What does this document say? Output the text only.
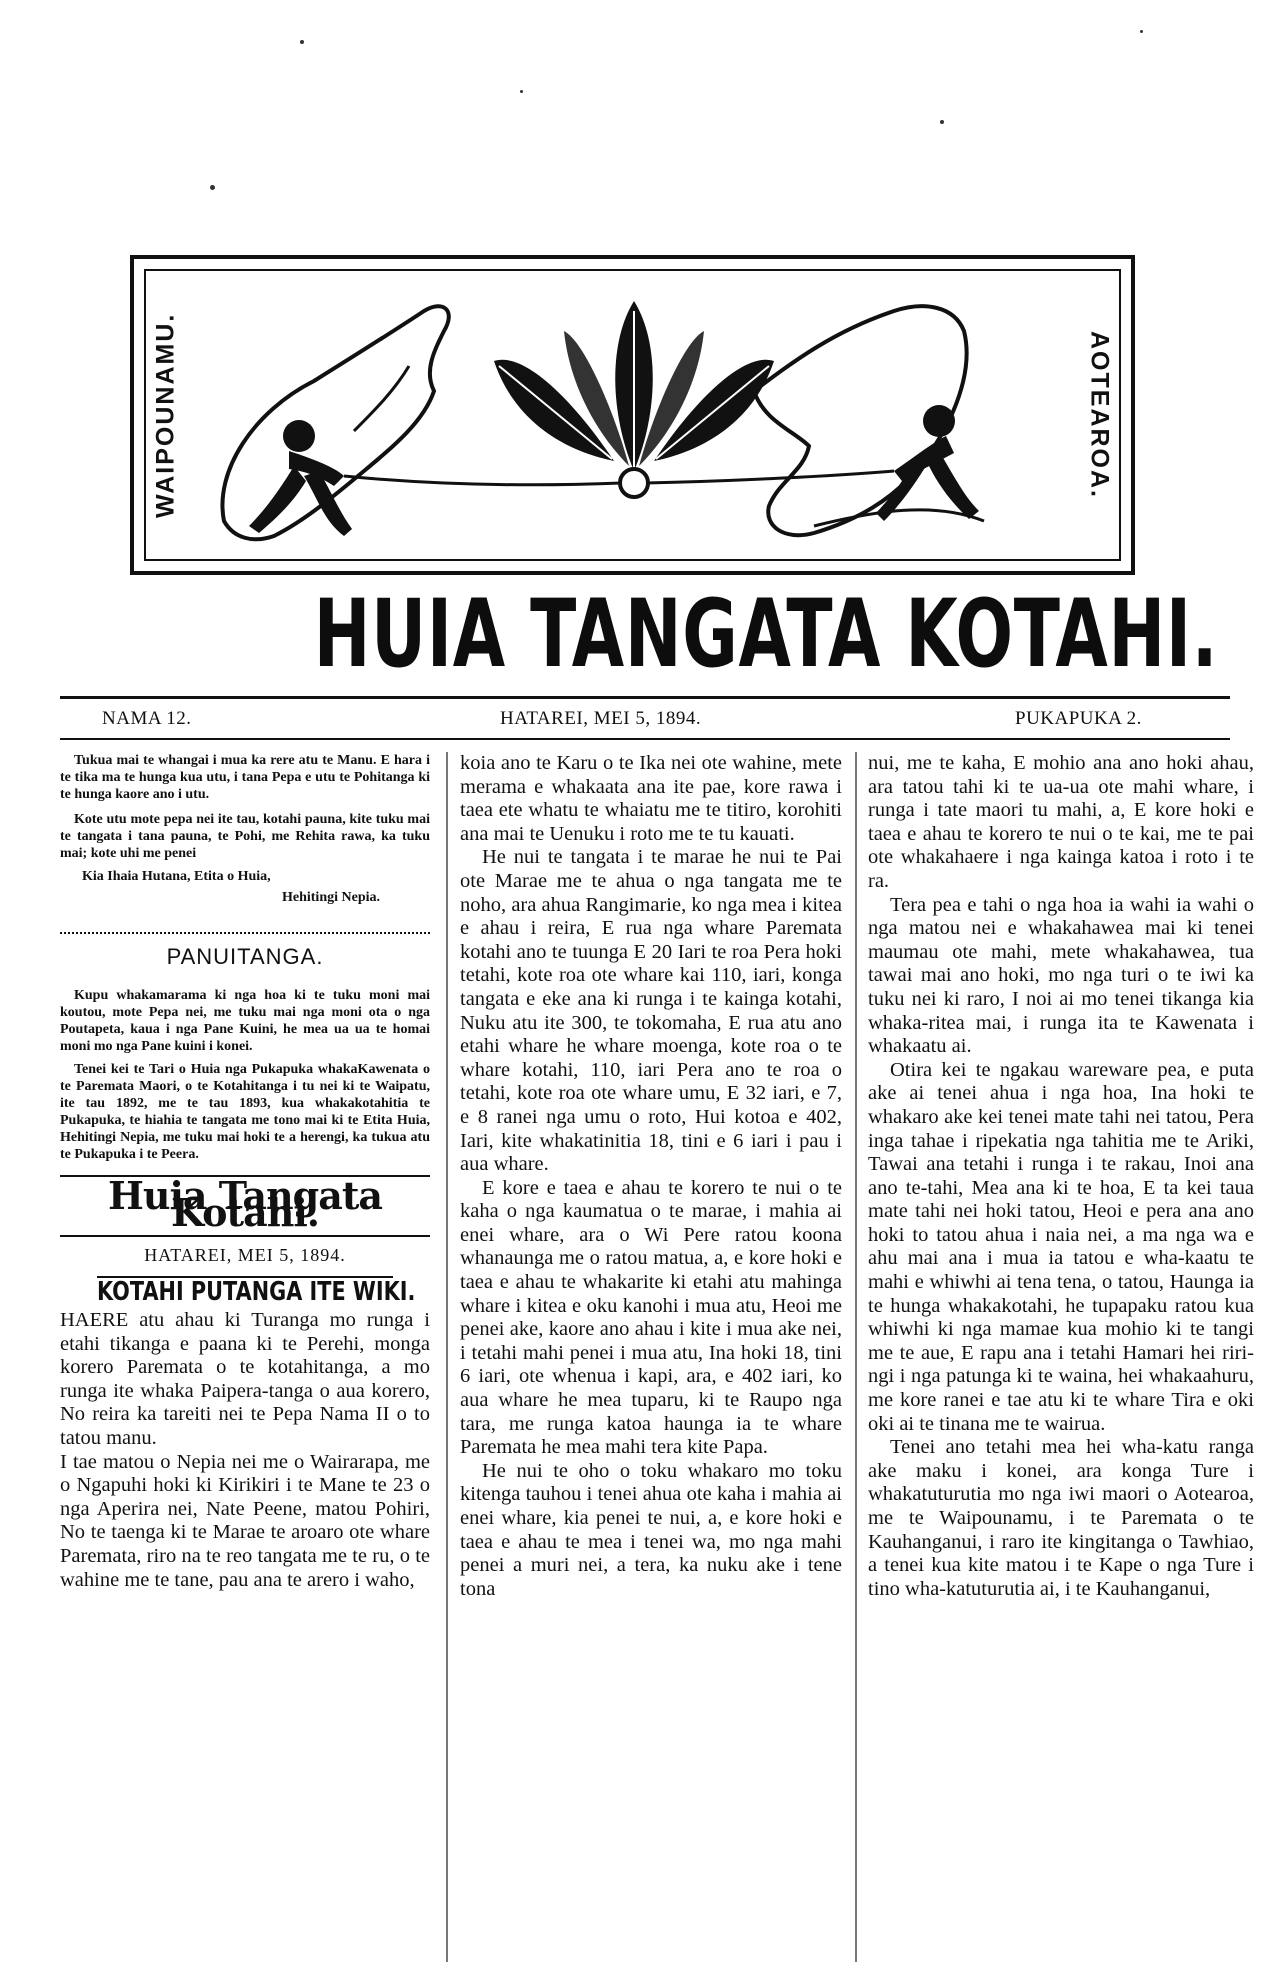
WAIPOUNAMU.	AOTEAROA.
HUIA TANGATA KOTAHI.
NAMA 12.	HATAREI, MEI 5, 1894.	PUKAPUKA 2.

Tukua mai te whangai i mua ka rere atu te Manu. E hara i te tika ma te hunga kua utu, i tana Pepa e utu te Pohitanga ki te hunga kaore ano i utu.

Kote utu mote pepa nei ite tau, kotahi pauna, kite tuku mai te tangata i tana pauna, te Pohi, me Rehita rawa, ka tuku mai; kote uhi me penei

Kia Ihaia Hutana, Etita o Huia,

Hehitingi Nepia.

PANUITANGA.

Kupu whakamarama ki nga hoa ki te tuku moni mai koutou, mote Pepa nei, me tuku mai nga moni ota o nga Poutapeta, kaua i nga Pane Kuini, he mea ua ua te homai moni mo nga Pane kuini i konei.

Tenei kei te Tari o Huia nga Pukapuka whakaKawenata o te Paremata Maori, o te Kotahitanga i tu nei ki te Waipatu, ite tau 1892, me te tau 1893, kua whakakotahitia te Pukapuka, te hiahia te tangata me tono mai ki te Etita Huia, Hehitingi Nepia, me tuku mai hoki te a herengi, ka tukua atu te Pukapuka i te Peera.

Huia Tangata Kotahi.
HATAREI, MEI 5, 1894.
KOTAHI PUTANGA ITE WIKI.

HAERE atu ahau ki Turanga mo runga i etahi tikanga e paana ki te Perehi, monga korero Paremata o te kotahitanga, a mo runga ite whaka Paipera-tanga o aua korero, No reira ka tareiti nei te Pepa Nama II o to tatou manu.

I tae matou o Nepia nei me o Wairarapa, me o Ngapuhi hoki ki Kirikiri i te Mane te 23 o nga Aperira nei, Nate Peene, matou Pohiri, No te taenga ki te Marae te aroaro ote whare Paremata, riro na te reo tangata me te ru, o te wahine me te tane, pau ana te arero i waho,

koia ano te Karu o te Ika nei ote wahine, mete merama e whakaata ana ite pae, kore rawa i taea ete whatu te whaiatu me te titiro, korohiti ana mai te Uenuku i roto me te tu kauati.

He nui te tangata i te marae he nui te Pai ote Marae me te ahua o nga tangata me te noho, ara ahua Rangimarie, ko nga mea i kitea e ahau i reira, E rua nga whare Paremata kotahi ano te tuunga E 20 Iari te roa Pera hoki tetahi, kote roa ote whare kai 110, iari, konga tangata e eke ana ki runga i te kainga kotahi, Nuku atu ite 300, te tokomaha, E rua atu ano etahi whare he whare moenga, kote roa o te whare kotahi, 110, iari Pera ano te roa o tetahi, kote roa ote whare umu, E 32 iari, e 7, e 8 ranei nga umu o roto, Hui kotoa e 402, Iari, kite whakatinitia 18, tini e 6 iari i pau i aua whare.

E kore e taea e ahau te korero te nui o te kaha o nga kaumatua o te marae, i mahia ai enei whare, ara o Wi Pere ratou koona whanaunga me o ratou matua, a, e kore hoki e taea e ahau te whakarite ki etahi atu mahinga whare i kitea e oku kanohi i mua atu, Heoi me penei ake, kaore ano ahau i kite i mua ake nei, i tetahi mahi penei i mua atu, Ina hoki 18, tini 6 iari, ote whenua i kapi, ara, e 402 iari, ko aua whare he mea tuparu, ki te Raupo nga tara, me runga katoa haunga ia te whare Paremata he mea mahi tera kite Papa.

He nui te oho o toku whakaro mo toku kitenga tauhou i tenei ahua ote kaha i mahia ai enei whare, kia penei te nui, a, e kore hoki e taea e ahau te mea i tenei wa, mo nga mahi penei a muri nei, a tera, ka nuku ake i tene tona

nui, me te kaha, E mohio ana ano hoki ahau, ara tatou tahi ki te ua-ua ote mahi whare, i runga i tate maori tu mahi, a, E kore hoki e taea e ahau te korero te nui o te kai, me te pai ote whakahaere i nga kainga katoa i roto i te ra.

Tera pea e tahi o nga hoa ia wahi ia wahi o nga matou nei e whakahawea mai ki tenei maumau ote mahi, mete whakahawea, tua tawai mai ano hoki, mo nga turi o te iwi ka tuku nei ki raro, I noi ai mo tenei tikanga kia whaka-ritea mai, i runga ita te Kawenata i whakaatu ai.

Otira kei te ngakau wareware pea, e puta ake ai tenei ahua i nga hoa, Ina hoki te whakaro ake kei tenei mate tahi nei tatou, Pera inga tahae i ripekatia nga tahitia me te Ariki, Tawai ana tetahi i runga i te rakau, Inoi ana ano te-tahi, Mea ana ki te hoa, E ta kei taua mate tahi nei hoki tatou, Heoi e pera ana ano hoki to tatou ahua i naia nei, a ma nga wa e ahu mai ana i mua ia tatou e wha-kaatu te mahi e whiwhi ai tena tena, o tatou, Haunga ia te hunga whakakotahi, he tupapaku ratou kua whiwhi ki nga mamae kua mohio ki te tangi me te aue, E rapu ana i tetahi Hamari hei riri-ngi i nga patunga ki te waina, hei whakaahuru, me kore ranei e tae atu ki te whare Tira e oki oki ai te tinana me te wairua.

Tenei ano tetahi mea hei wha-katu ranga ake maku i konei, ara konga Ture i whakatuturutia mo nga iwi maori o Aotearoa, me te Waipounamu, i te Paremata o te Kauhanganui, i raro ite kingitanga o Tawhiao, a tenei kua kite matou i te Kape o nga Ture i tino wha-katuturutia ai, i te Kauhanganui,
